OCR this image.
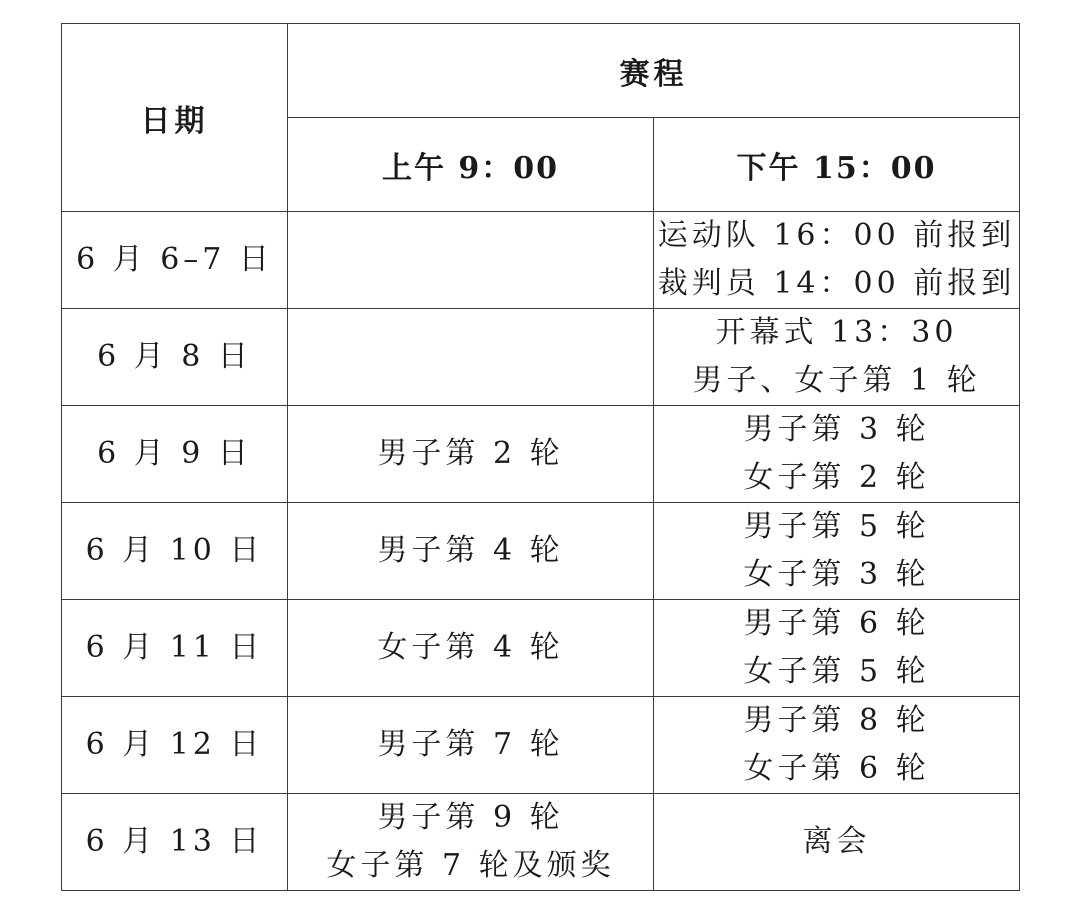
日期	赛程	
	上午 9：00	下午 15：00
6 月 6–7 日		运动队 16：00 前报到
裁判员 14：00 前报到

6 月 8 日		开幕式 13：30
男子、女子第 1 轮

6 月 9 日	男子第 2 轮	男子第 3 轮
女子第 2 轮

6 月 10 日	男子第 4 轮	男子第 5 轮
女子第 3 轮

6 月 11 日	女子第 4 轮	男子第 6 轮
女子第 5 轮

6 月 12 日	男子第 7 轮	男子第 8 轮
女子第 6 轮

6 月 13 日	男子第 9 轮
女子第 7 轮及颁奖	离会
